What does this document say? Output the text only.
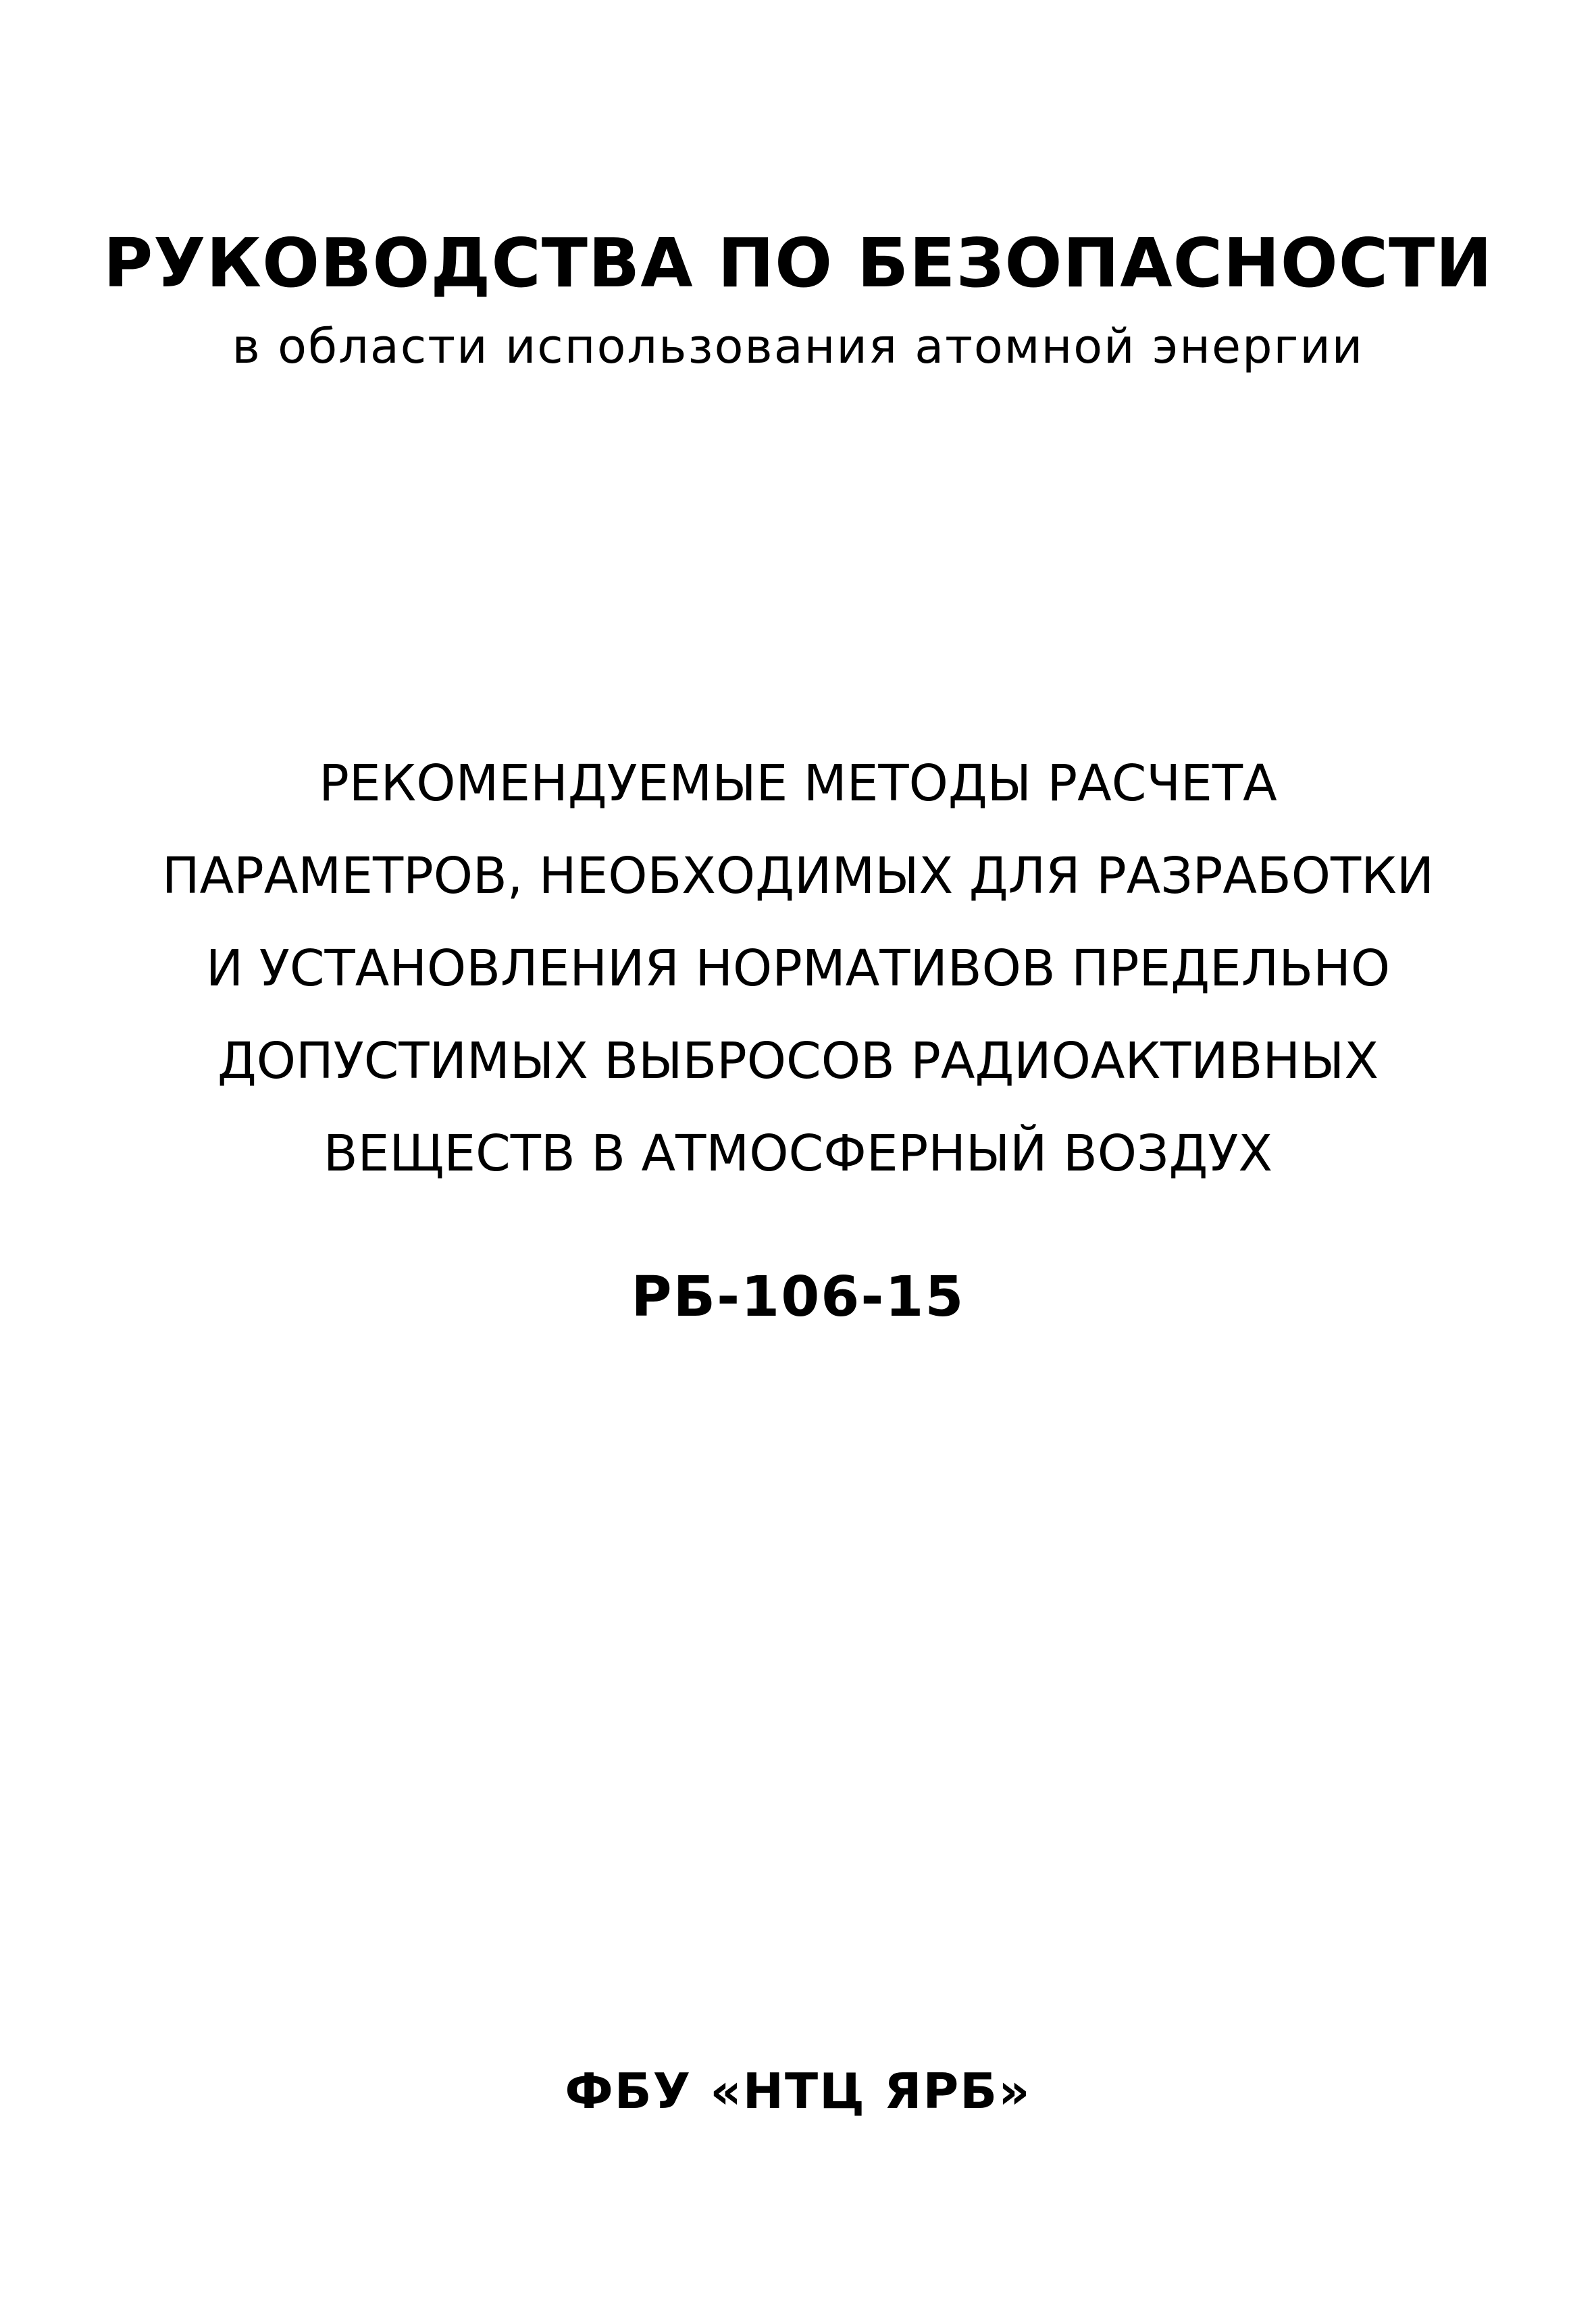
РУКОВОДСТВА ПО БЕЗОПАСНОСТИ
в области использования атомной энергии
РЕКОМЕНДУЕМЫЕ МЕТОДЫ РАСЧЕТА
ПАРАМЕТРОВ, НЕОБХОДИМЫХ ДЛЯ РАЗРАБОТКИ
И УСТАНОВЛЕНИЯ НОРМАТИВОВ ПРЕДЕЛЬНО
ДОПУСТИМЫХ ВЫБРОСОВ РАДИОАКТИВНЫХ
ВЕЩЕСТВ В АТМОСФЕРНЫЙ ВОЗДУХ
РБ-106-15
ФБУ «НТЦ ЯРБ»
